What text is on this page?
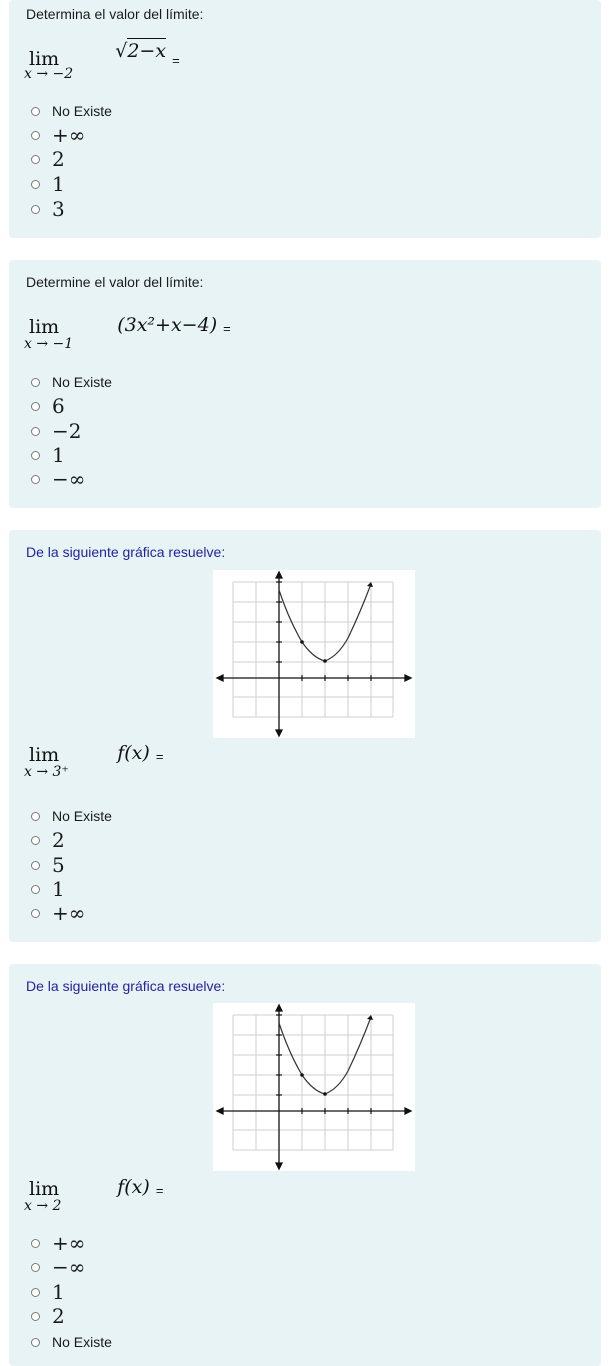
Determina el valor del límite:
lim
x → −2
√2−x =
No Existe
+∞
2
1
3
Determine el valor del límite:
lim
x → −1
(3x²+x−4) =
No Existe
6
−2
1
−∞
De la siguiente gráfica resuelve:
lim
x → 3⁺
f(x) =
No Existe
2
5
1
+∞
De la siguiente gráfica resuelve:
lim
x → 2
f(x) =
+∞
−∞
1
2
No Existe
